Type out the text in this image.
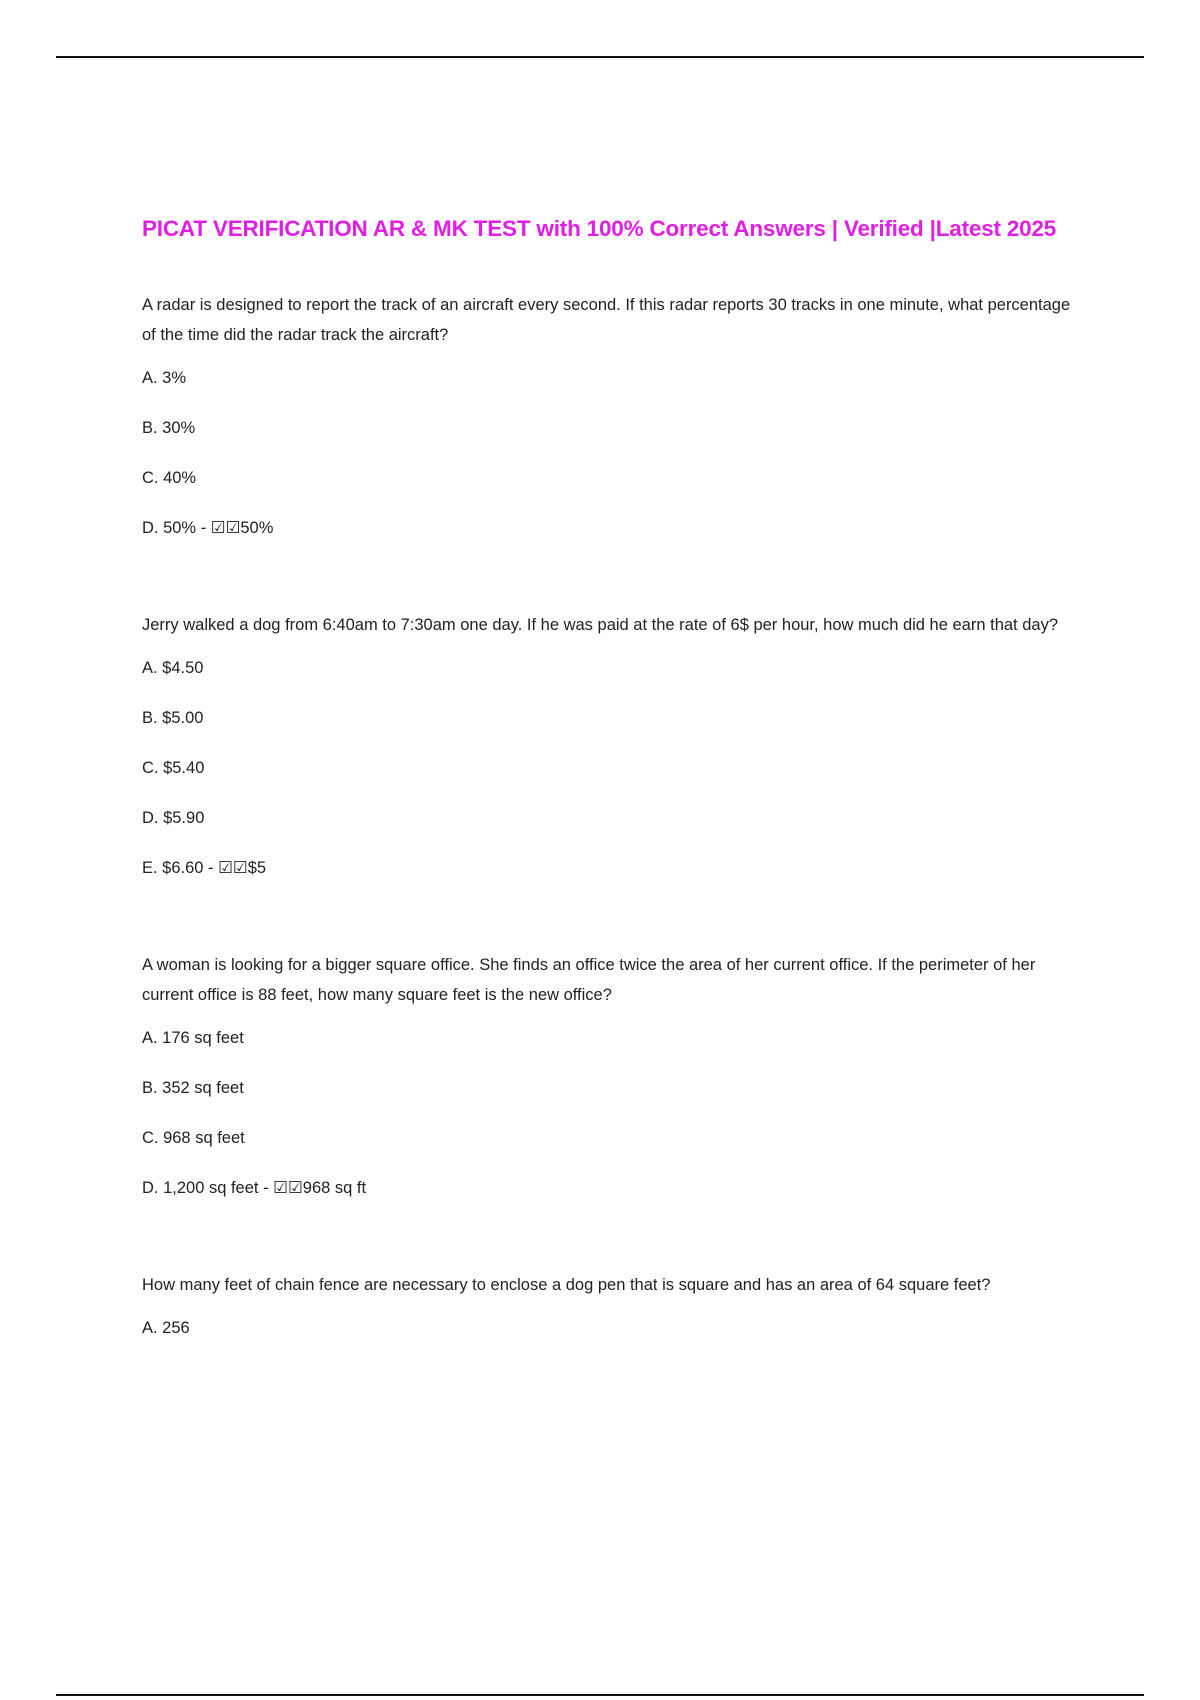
PICAT VERIFICATION AR & MK TEST with 100% Correct Answers | Verified |Latest 2025

A radar is designed to report the track of an aircraft every second. If this radar reports 30 tracks in one minute, what percentage of the time did the radar track the aircraft?

A. 3%

B. 30%

C. 40%

D. 50% - ☑☑50%

Jerry walked a dog from 6:40am to 7:30am one day. If he was paid at the rate of 6$ per hour, how much did he earn that day?

A. $4.50

B. $5.00

C. $5.40

D. $5.90

E. $6.60 - ☑☑$5

A woman is looking for a bigger square office. She finds an office twice the area of her current office. If the perimeter of her current office is 88 feet, how many square feet is the new office?

A. 176 sq feet

B. 352 sq feet

C. 968 sq feet

D. 1,200 sq feet - ☑☑968 sq ft

How many feet of chain fence are necessary to enclose a dog pen that is square and has an area of 64 square feet?

A. 256
